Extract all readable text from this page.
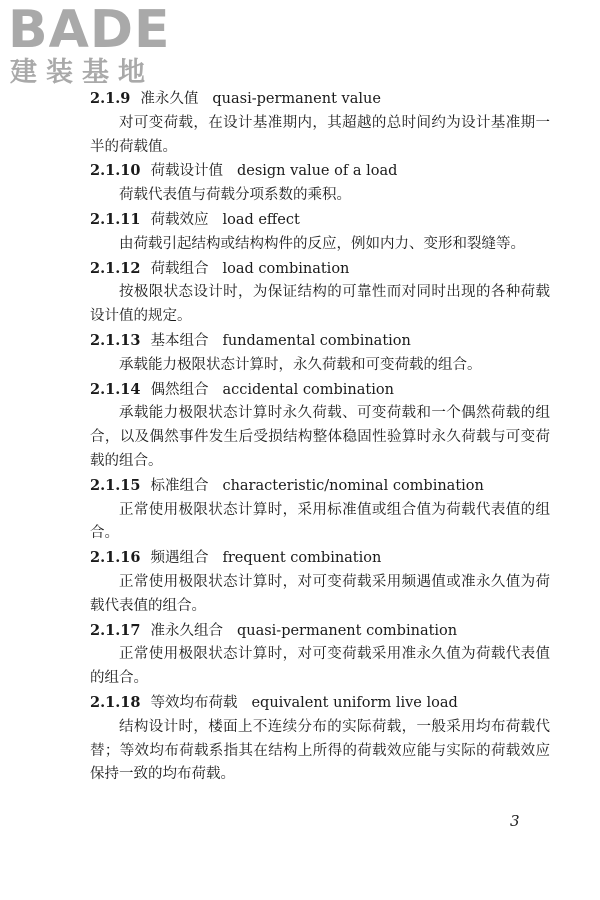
BADE
建装基地
2.1.9 准永久值 quasi-permanent value
对可变荷载，在设计基准期内，其超越的总时间约为设计基准期一半的荷载值。
2.1.10 荷载设计值 design value of a load
荷载代表值与荷载分项系数的乘积。
2.1.11 荷载效应 load effect
由荷载引起结构或结构构件的反应，例如内力、变形和裂缝等。
2.1.12 荷载组合 load combination
按极限状态设计时，为保证结构的可靠性而对同时出现的各种荷载设计值的规定。
2.1.13 基本组合 fundamental combination
承载能力极限状态计算时，永久荷载和可变荷载的组合。
2.1.14 偶然组合 accidental combination
承载能力极限状态计算时永久荷载、可变荷载和一个偶然荷载的组合，以及偶然事件发生后受损结构整体稳固性验算时永久荷载与可变荷载的组合。
2.1.15 标准组合 characteristic/nominal combination
正常使用极限状态计算时，采用标准值或组合值为荷载代表值的组合。
2.1.16 频遇组合 frequent combination
正常使用极限状态计算时，对可变荷载采用频遇值或准永久值为荷载代表值的组合。
2.1.17 准永久组合 quasi-permanent combination
正常使用极限状态计算时，对可变荷载采用准永久值为荷载代表值的组合。
2.1.18 等效均布荷载 equivalent uniform live load
结构设计时，楼面上不连续分布的实际荷载，一般采用均布荷载代替；等效均布荷载系指其在结构上所得的荷载效应能与实际的荷载效应保持一致的均布荷载。
3
